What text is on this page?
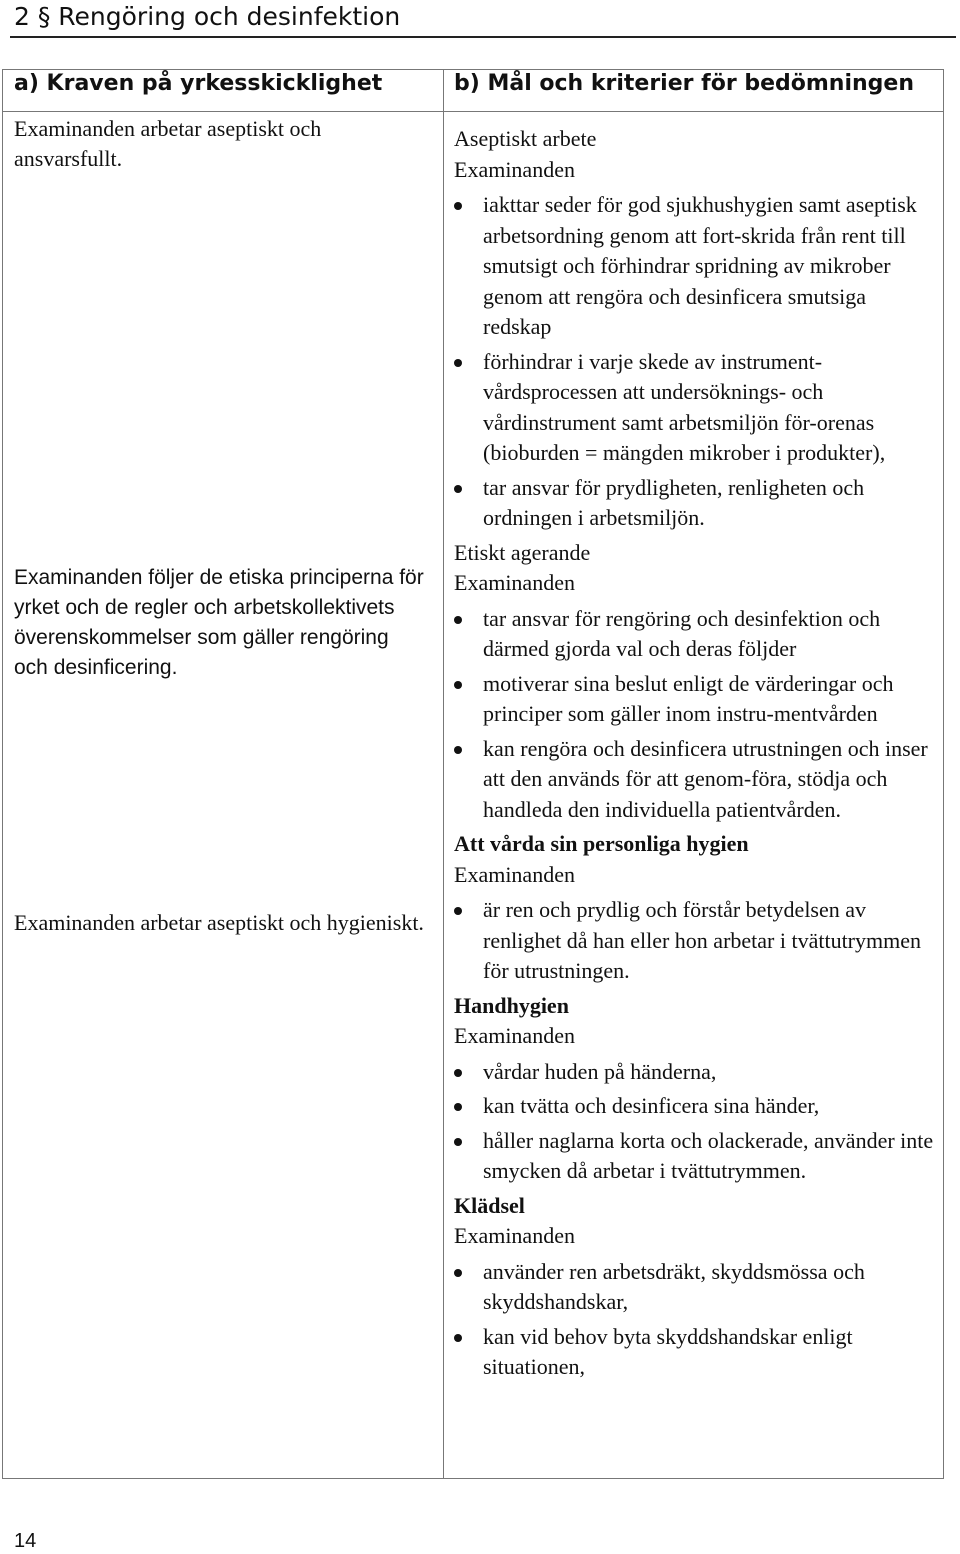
2 § Rengöring och desinfektion
a) Kraven på yrkesskicklighet	b) Mål och kriterier för bedömningen

Examinanden arbetar aseptiskt och ansvarsfullt.

Examinanden följer de etiska principerna för yrket och de regler och arbetskollektivets överenskommelser som gäller rengöring och desinficering.

Examinanden arbetar aseptiskt och hygieniskt.

Aseptiskt arbete

Examinanden

iakttar seder för god sjukhushygien samt aseptisk arbetsordning genom att fort-skrida från rent till smutsigt och förhindrar spridning av mikrober genom att rengöra och desinficera smutsiga redskap
förhindrar i varje skede av instrument-vårdsprocessen att undersöknings- och vårdinstrument samt arbetsmiljön för-orenas (bioburden = mängden mikrober i produkter),
tar ansvar för prydligheten, renligheten och ordningen i arbetsmiljön.

Etiskt agerande

Examinanden

tar ansvar för rengöring och desinfektion och därmed gjorda val och deras följder
motiverar sina beslut enligt de värderingar och principer som gäller inom instru-mentvården
kan rengöra och desinficera utrustningen och inser att den används för att genom-föra, stödja och handleda den individuella patientvården.

Att vårda sin personliga hygien

Examinanden

är ren och prydlig och förstår betydelsen av renlighet då han eller hon arbetar i tvättutrymmen för utrustningen.

Handhygien

Examinanden

vårdar huden på händerna,
kan tvätta och desinficera sina händer,
håller naglarna korta och olackerade, använder inte smycken då arbetar i tvättutrymmen.

Klädsel

Examinanden

använder ren arbetsdräkt, skyddsmössa och skyddshandskar,
kan vid behov byta skyddshandskar enligt situationen,
14
